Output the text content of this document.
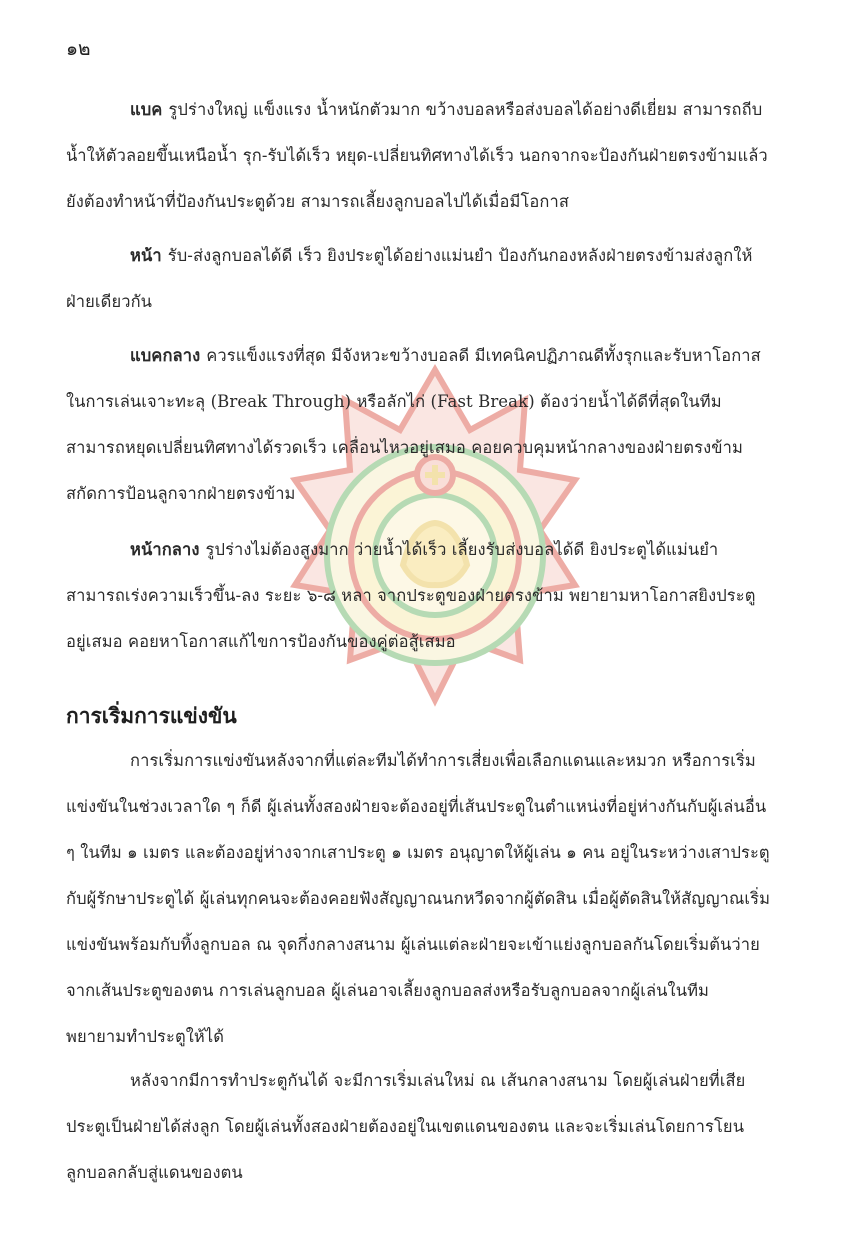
๑๒

แบค รูปร่างใหญ่ แข็งแรง น้ำหนักตัวมาก ขว้างบอลหรือส่งบอลได้อย่างดีเยี่ยม สามารถถีบน้ำให้ตัวลอยขึ้นเหนือน้ำ รุก-รับได้เร็ว หยุด-เปลี่ยนทิศทางได้เร็ว นอกจากจะป้องกันฝ่ายตรงข้ามแล้วยังต้องทำหน้าที่ป้องกันประตูด้วย สามารถเลี้ยงลูกบอลไปได้เมื่อมีโอกาส

หน้า รับ-ส่งลูกบอลได้ดี เร็ว ยิงประตูได้อย่างแม่นยำ ป้องกันกองหลังฝ่ายตรงข้ามส่งลูกให้ฝ่ายเดียวกัน

แบคกลาง ควรแข็งแรงที่สุด มีจังหวะขว้างบอลดี มีเทคนิคปฏิภาณดีทั้งรุกและรับหาโอกาสในการเล่นเจาะทะลุ (Break Through) หรือลักไก่ (Fast Break) ต้องว่ายน้ำได้ดีที่สุดในทีม สามารถหยุดเปลี่ยนทิศทางได้รวดเร็ว เคลื่อนไหวอยู่เสมอ คอยควบคุมหน้ากลางของฝ่ายตรงข้าม สกัดการป้อนลูกจากฝ่ายตรงข้าม

หน้ากลาง รูปร่างไม่ต้องสูงมาก ว่ายน้ำได้เร็ว เลี้ยงรับส่งบอลได้ดี ยิงประตูได้แม่นยำ สามารถเร่งความเร็วขึ้น-ลง ระยะ ๖-๘ หลา จากประตูของฝ่ายตรงข้าม พยายามหาโอกาสยิงประตูอยู่เสมอ คอยหาโอกาสแก้ไขการป้องกันของคู่ต่อสู้เสมอ

การเริ่มการแข่งขัน

การเริ่มการแข่งขันหลังจากที่แต่ละทีมได้ทำการเสี่ยงเพื่อเลือกแดนและหมวก หรือการเริ่มแข่งขันในช่วงเวลาใด ๆ ก็ดี ผู้เล่นทั้งสองฝ่ายจะต้องอยู่ที่เส้นประตูในตำแหน่งที่อยู่ห่างกันกับผู้เล่นอื่น ๆ ในทีม ๑ เมตร และต้องอยู่ห่างจากเสาประตู ๑ เมตร อนุญาตให้ผู้เล่น ๑ คน อยู่ในระหว่างเสาประตูกับผู้รักษาประตูได้ ผู้เล่นทุกคนจะต้องคอยฟังสัญญาณนกหวีดจากผู้ตัดสิน เมื่อผู้ตัดสินให้สัญญาณเริ่มแข่งขันพร้อมกับทิ้งลูกบอล ณ จุดกึ่งกลางสนาม ผู้เล่นแต่ละฝ่ายจะเข้าแย่งลูกบอลกันโดยเริ่มต้นว่ายจากเส้นประตูของตน การเล่นลูกบอล ผู้เล่นอาจเลี้ยงลูกบอลส่งหรือรับลูกบอลจากผู้เล่นในทีม พยายามทำประตูให้ได้

หลังจากมีการทำประตูกันได้ จะมีการเริ่มเล่นใหม่ ณ เส้นกลางสนาม โดยผู้เล่นฝ่ายที่เสียประตูเป็นฝ่ายได้ส่งลูก โดยผู้เล่นทั้งสองฝ่ายต้องอยู่ในเขตแดนของตน และจะเริ่มเล่นโดยการโยนลูกบอลกลับสู่แดนของตน
